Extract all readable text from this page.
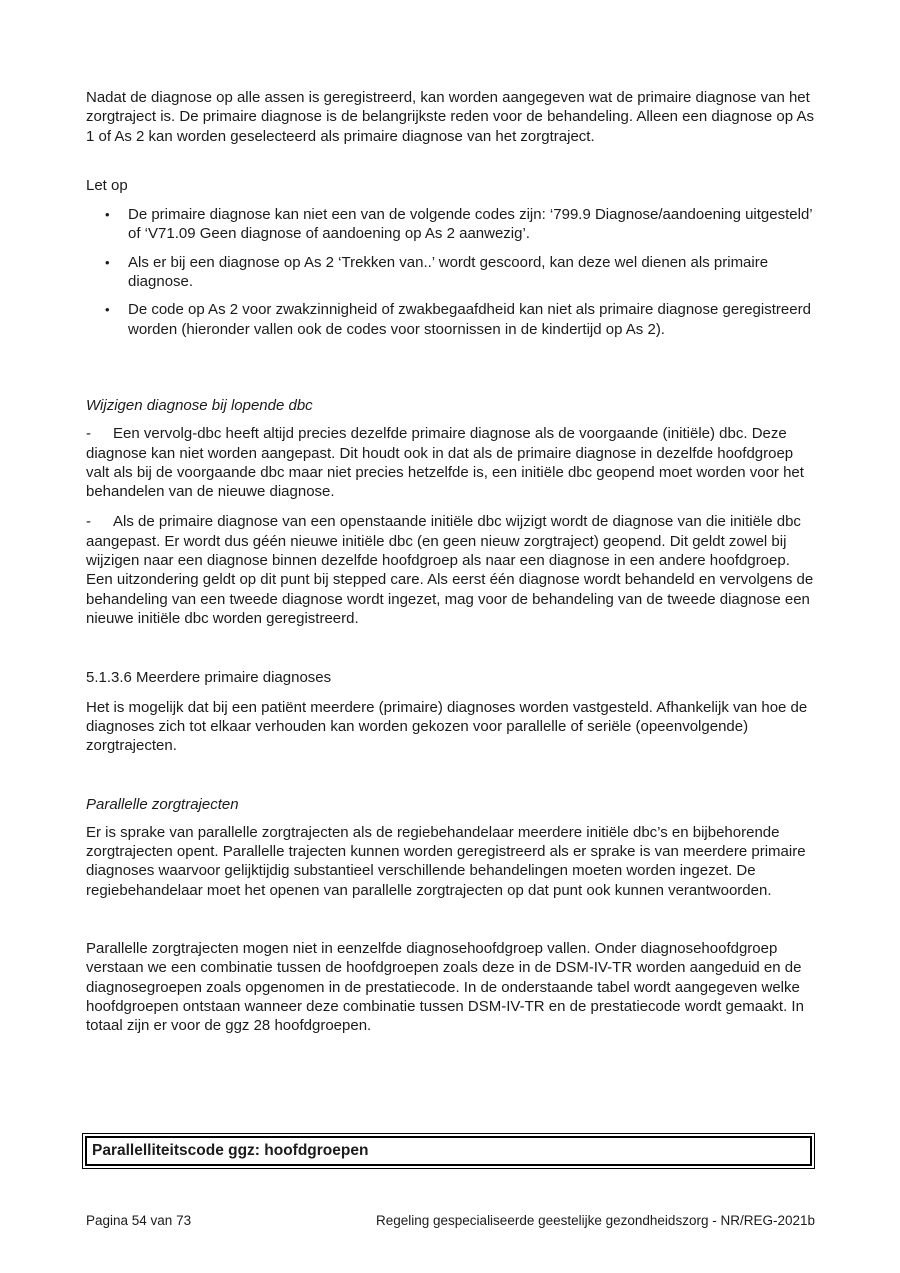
Nadat de diagnose op alle assen is geregistreerd, kan worden aangegeven wat de primaire diagnose van het zorgtraject is. De primaire diagnose is de belangrijkste reden voor de behandeling. Alleen een diagnose op As 1 of As 2 kan worden geselecteerd als primaire diagnose van het zorgtraject.

Let op

•	De primaire diagnose kan niet een van de volgende codes zijn: ‘799.9 Diagnose/aandoening uitgesteld’ of ‘V71.09 Geen diagnose of aandoening op As 2 aanwezig’.
•	Als er bij een diagnose op As 2 ‘Trekken van..’ wordt gescoord, kan deze wel dienen als primaire diagnose.
•	De code op As 2 voor zwakzinnigheid of zwakbegaafdheid kan niet als primaire diagnose geregistreerd worden (hieronder vallen ook de codes voor stoornissen in de kindertijd op As 2).

Wijzigen diagnose bij lopende dbc

- Een vervolg-dbc heeft altijd precies dezelfde primaire diagnose als de voorgaande (initiële) dbc. Deze diagnose kan niet worden aangepast. Dit houdt ook in dat als de primaire diagnose in dezelfde hoofdgroep valt als bij de voorgaande dbc maar niet precies hetzelfde is, een initiële dbc geopend moet worden voor het behandelen van de nieuwe diagnose.

- Als de primaire diagnose van een openstaande initiële dbc wijzigt wordt de diagnose van die initiële dbc aangepast. Er wordt dus géén nieuwe initiële dbc (en geen nieuw zorgtraject) geopend. Dit geldt zowel bij wijzigen naar een diagnose binnen dezelfde hoofdgroep als naar een diagnose in een andere hoofdgroep. Een uitzondering geldt op dit punt bij stepped care. Als eerst één diagnose wordt behandeld en vervolgens de behandeling van een tweede diagnose wordt ingezet, mag voor de behandeling van de tweede diagnose een nieuwe initiële dbc worden geregistreerd.

5.1.3.6 Meerdere primaire diagnoses

Het is mogelijk dat bij een patiënt meerdere (primaire) diagnoses worden vastgesteld. Afhankelijk van hoe de diagnoses zich tot elkaar verhouden kan worden gekozen voor parallelle of seriële (opeenvolgende) zorgtrajecten.

Parallelle zorgtrajecten

Er is sprake van parallelle zorgtrajecten als de regiebehandelaar meerdere initiële dbc’s en bijbehorende zorgtrajecten opent. Parallelle trajecten kunnen worden geregistreerd als er sprake is van meerdere primaire diagnoses waarvoor gelijktijdig substantieel verschillende behandelingen moeten worden ingezet. De regiebehandelaar moet het openen van parallelle zorgtrajecten op dat punt ook kunnen verantwoorden.

Parallelle zorgtrajecten mogen niet in eenzelfde diagnosehoofdgroep vallen. Onder diagnosehoofdgroep verstaan we een combinatie tussen de hoofdgroepen zoals deze in de DSM-IV-TR worden aangeduid en de diagnosegroepen zoals opgenomen in de prestatiecode. In de onderstaande tabel wordt aangegeven welke hoofdgroepen ontstaan wanneer deze combinatie tussen DSM-IV-TR en de prestatiecode wordt gemaakt. In totaal zijn er voor de ggz 28 hoofdgroepen.

Parallelliteitscode ggz: hoofdgroepen
Pagina 54 van 73	Regeling gespecialiseerde geestelijke gezondheidszorg - NR/REG-2021b
